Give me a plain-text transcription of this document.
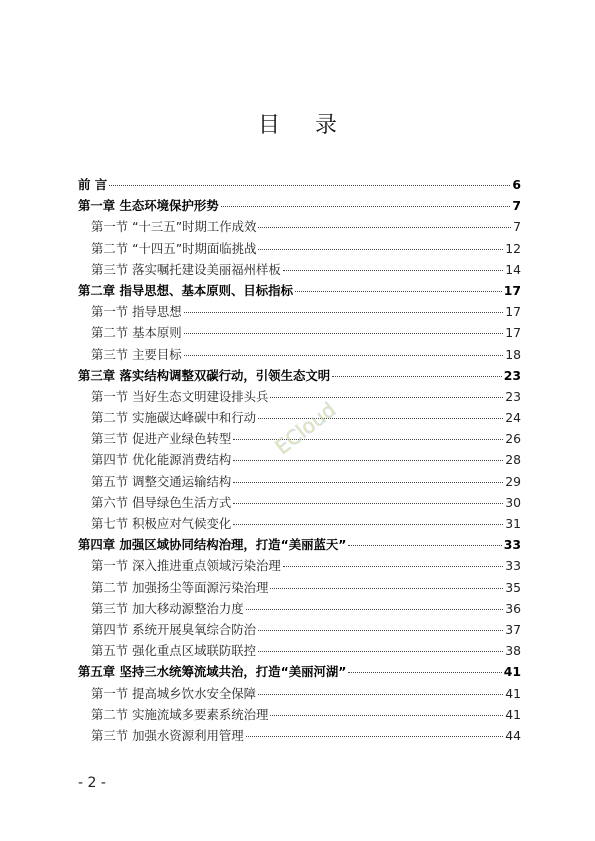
目 录
前 言	6
第一章 生态环境保护形势	7
第一节 “十三五”时期工作成效	7
第二节 “十四五”时期面临挑战	12
第三节 落实嘱托建设美丽福州样板	14
第二章 指导思想、基本原则、目标指标	17
第一节 指导思想	17
第二节 基本原则	17
第三节 主要目标	18
第三章 落实结构调整双碳行动，引领生态文明	23
第一节 当好生态文明建设排头兵	23
第二节 实施碳达峰碳中和行动	24
第三节 促进产业绿色转型	26
第四节 优化能源消费结构	28
第五节 调整交通运输结构	29
第六节 倡导绿色生活方式	30
第七节 积极应对气候变化	31
第四章 加强区域协同结构治理，打造“美丽蓝天”	33
第一节 深入推进重点领域污染治理	33
第二节 加强扬尘等面源污染治理	35
第三节 加大移动源整治力度	36
第四节 系统开展臭氧综合防治	37
第五节 强化重点区域联防联控	38
第五章 坚持三水统筹流域共治，打造“美丽河湖”	41
第一节 提高城乡饮水安全保障	41
第二节 实施流域多要素系统治理	41
第三节 加强水资源利用管理	44
ECloud
- 2 -
